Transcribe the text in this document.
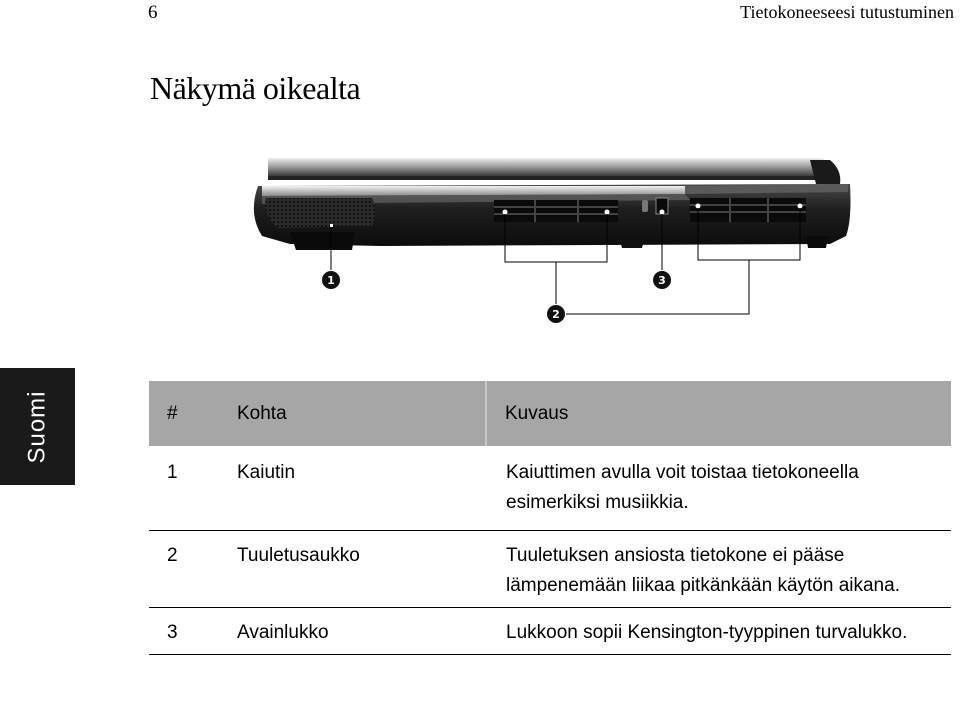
6	Tietokoneeseesi tutustuminen
Näkymä oikealta
1	3
2
Suomi	#	Kohta	Kuvaus
1	Kaiutin	Kaiuttimen avulla voit toistaa tietokoneella esimerkiksi musiikkia.
2	Tuuletusaukko	Tuuletuksen ansiosta tietokone ei pääse lämpenemään liikaa pitkänkään käytön aikana.
3	Avainlukko	Lukkoon sopii Kensington-tyyppinen turvalukko.
